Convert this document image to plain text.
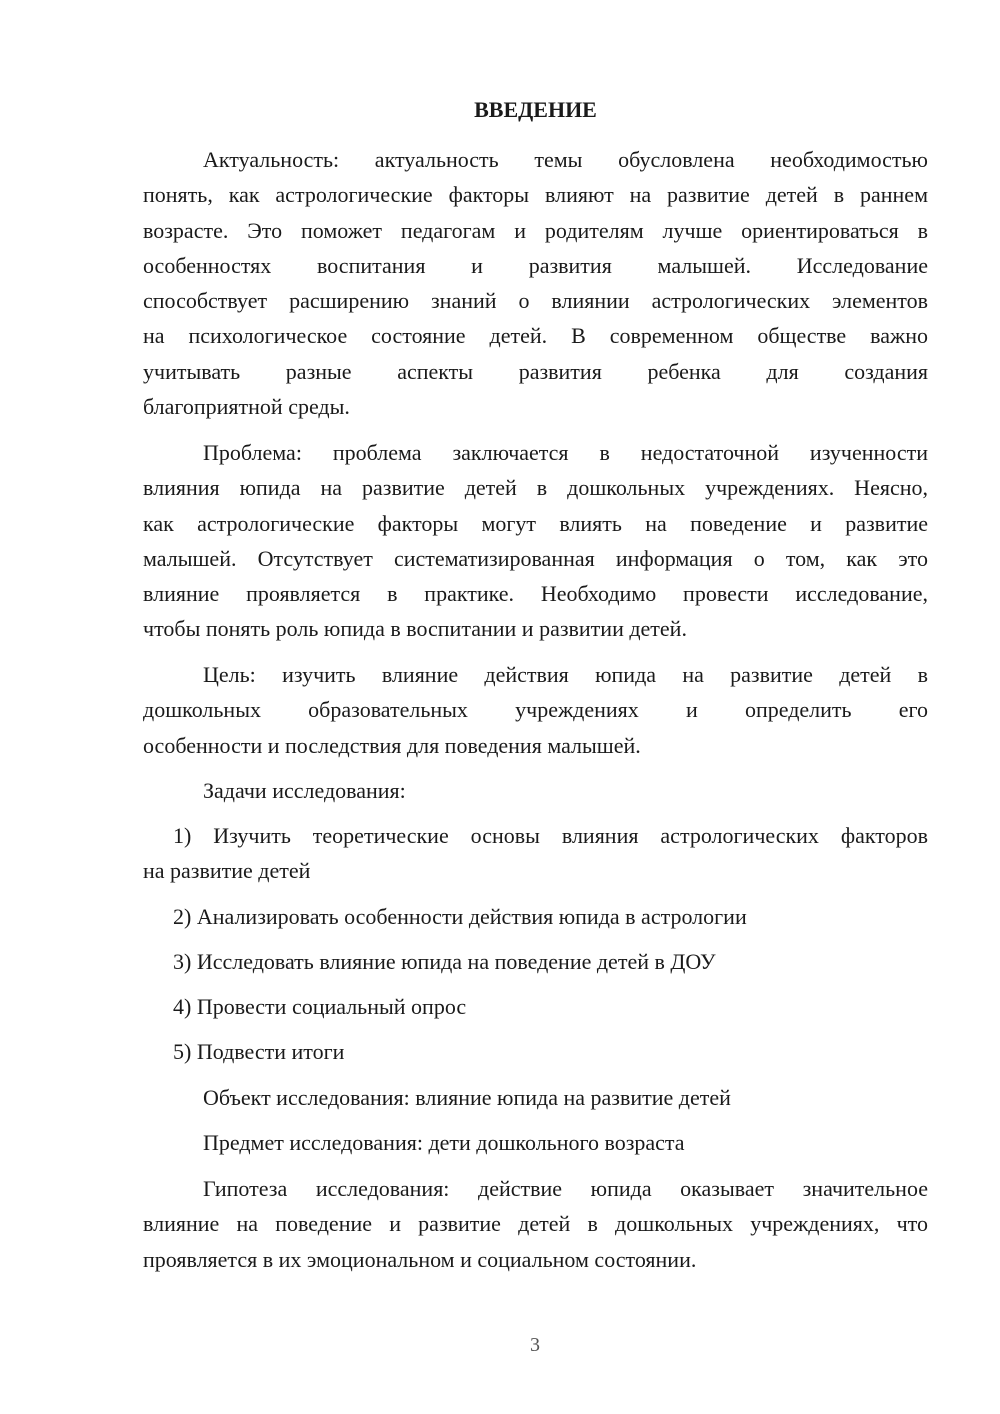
ВВЕДЕНИЕ
Актуальность: актуальность темы обусловлена необходимостью
понять, как астрологические факторы влияют на развитие детей в раннем
возрасте. Это поможет педагогам и родителям лучше ориентироваться в
особенностях воспитания и развития малышей. Исследование
способствует расширению знаний о влиянии астрологических элементов
на психологическое состояние детей. В современном обществе важно
учитывать разные аспекты развития ребенка для создания
благоприятной среды.
Проблема: проблема заключается в недостаточной изученности
влияния юпида на развитие детей в дошкольных учреждениях. Неясно,
как астрологические факторы могут влиять на поведение и развитие
малышей. Отсутствует систематизированная информация о том, как это
влияние проявляется в практике. Необходимо провести исследование,
чтобы понять роль юпида в воспитании и развитии детей.
Цель: изучить влияние действия юпида на развитие детей в
дошкольных образовательных учреждениях и определить его
особенности и последствия для поведения малышей.
Задачи исследования:
1) Изучить теоретические основы влияния астрологических факторов
на развитие детей
2) Анализировать особенности действия юпида в астрологии
3) Исследовать влияние юпида на поведение детей в ДОУ
4) Провести социальный опрос
5) Подвести итоги
Объект исследования: влияние юпида на развитие детей
Предмет исследования: дети дошкольного возраста
Гипотеза исследования: действие юпида оказывает значительное
влияние на поведение и развитие детей в дошкольных учреждениях, что
проявляется в их эмоциональном и социальном состоянии.
3
